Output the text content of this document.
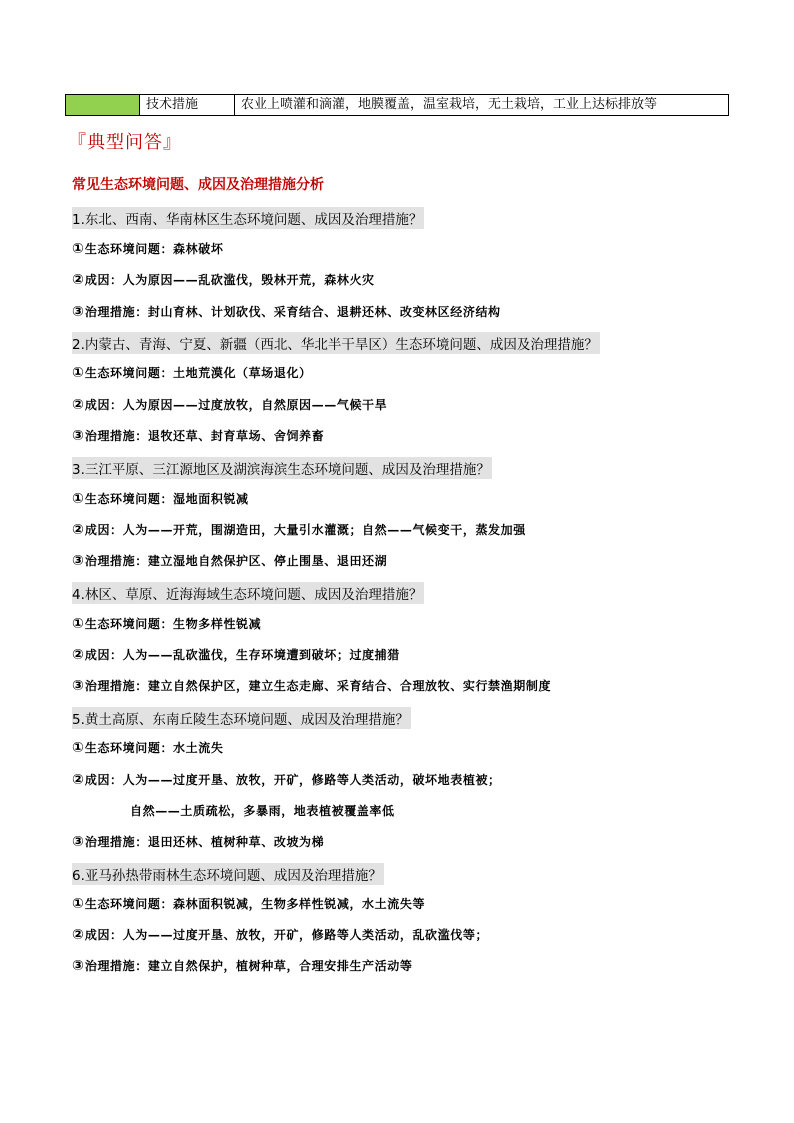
技术措施	农业上喷灌和滴灌，地膜覆盖，温室栽培，无土栽培，工业上达标排放等
『典型问答』
常见生态环境问题、成因及治理措施分析
1.东北、西南、华南林区生态环境问题、成因及治理措施？
①生态环境问题：森林破坏
②成因：人为原因——乱砍滥伐，毁林开荒，森林火灾
③治理措施：封山育林、计划砍伐、采育结合、退耕还林、改变林区经济结构
2.内蒙古、青海、宁夏、新疆（西北、华北半干旱区）生态环境问题、成因及治理措施？
①生态环境问题：土地荒漠化（草场退化）
②成因：人为原因——过度放牧，自然原因——气候干旱
③治理措施：退牧还草、封育草场、舍饲养畜
3.三江平原、三江源地区及湖滨海滨生态环境问题、成因及治理措施？
①生态环境问题：湿地面积锐减
②成因：人为——开荒，围湖造田，大量引水灌溉；自然——气候变干，蒸发加强
③治理措施：建立湿地自然保护区、停止围垦、退田还湖
4.林区、草原、近海海域生态环境问题、成因及治理措施？
①生态环境问题：生物多样性锐减
②成因：人为——乱砍滥伐，生存环境遭到破坏；过度捕猎
③治理措施：建立自然保护区，建立生态走廊、采育结合、合理放牧、实行禁渔期制度
5.黄土高原、东南丘陵生态环境问题、成因及治理措施？
①生态环境问题：水土流失
②成因：人为——过度开垦、放牧，开矿，修路等人类活动，破坏地表植被；
自然——土质疏松，多暴雨，地表植被覆盖率低
③治理措施：退田还林、植树种草、改坡为梯
6.亚马孙热带雨林生态环境问题、成因及治理措施？
①生态环境问题：森林面积锐减，生物多样性锐减，水土流失等
②成因：人为——过度开垦、放牧，开矿，修路等人类活动，乱砍滥伐等；
③治理措施：建立自然保护，植树种草，合理安排生产活动等
